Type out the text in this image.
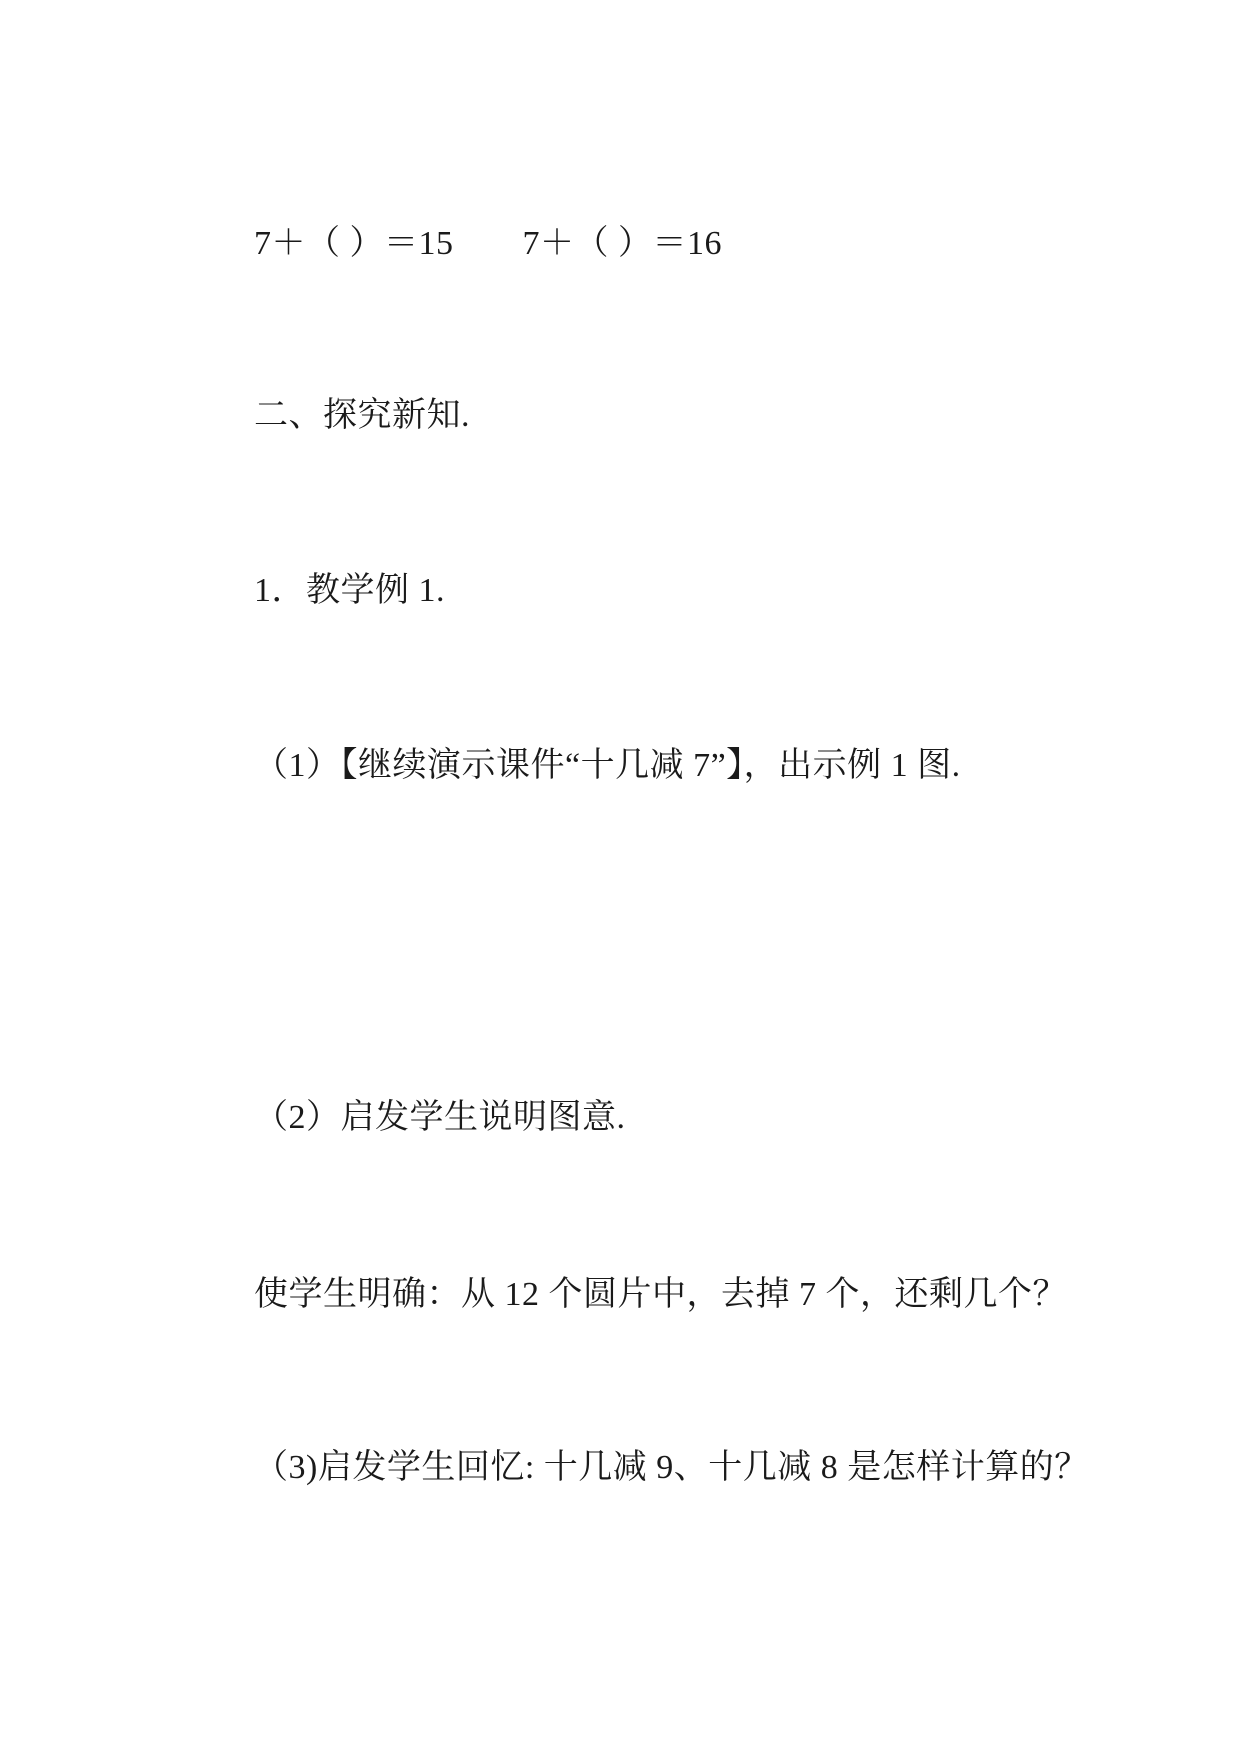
7＋（ ）＝15　　7＋（ ）＝16

二、探究新知.

1．教学例 1.

（1）【继续演示课件“十几减 7”】，出示例 1 图.

（2）启发学生说明图意.

使学生明确：从 12 个圆片中，去掉 7 个，还剩几个？

（3)启发学生回忆: 十几减 9、十几减 8 是怎样计算的？
